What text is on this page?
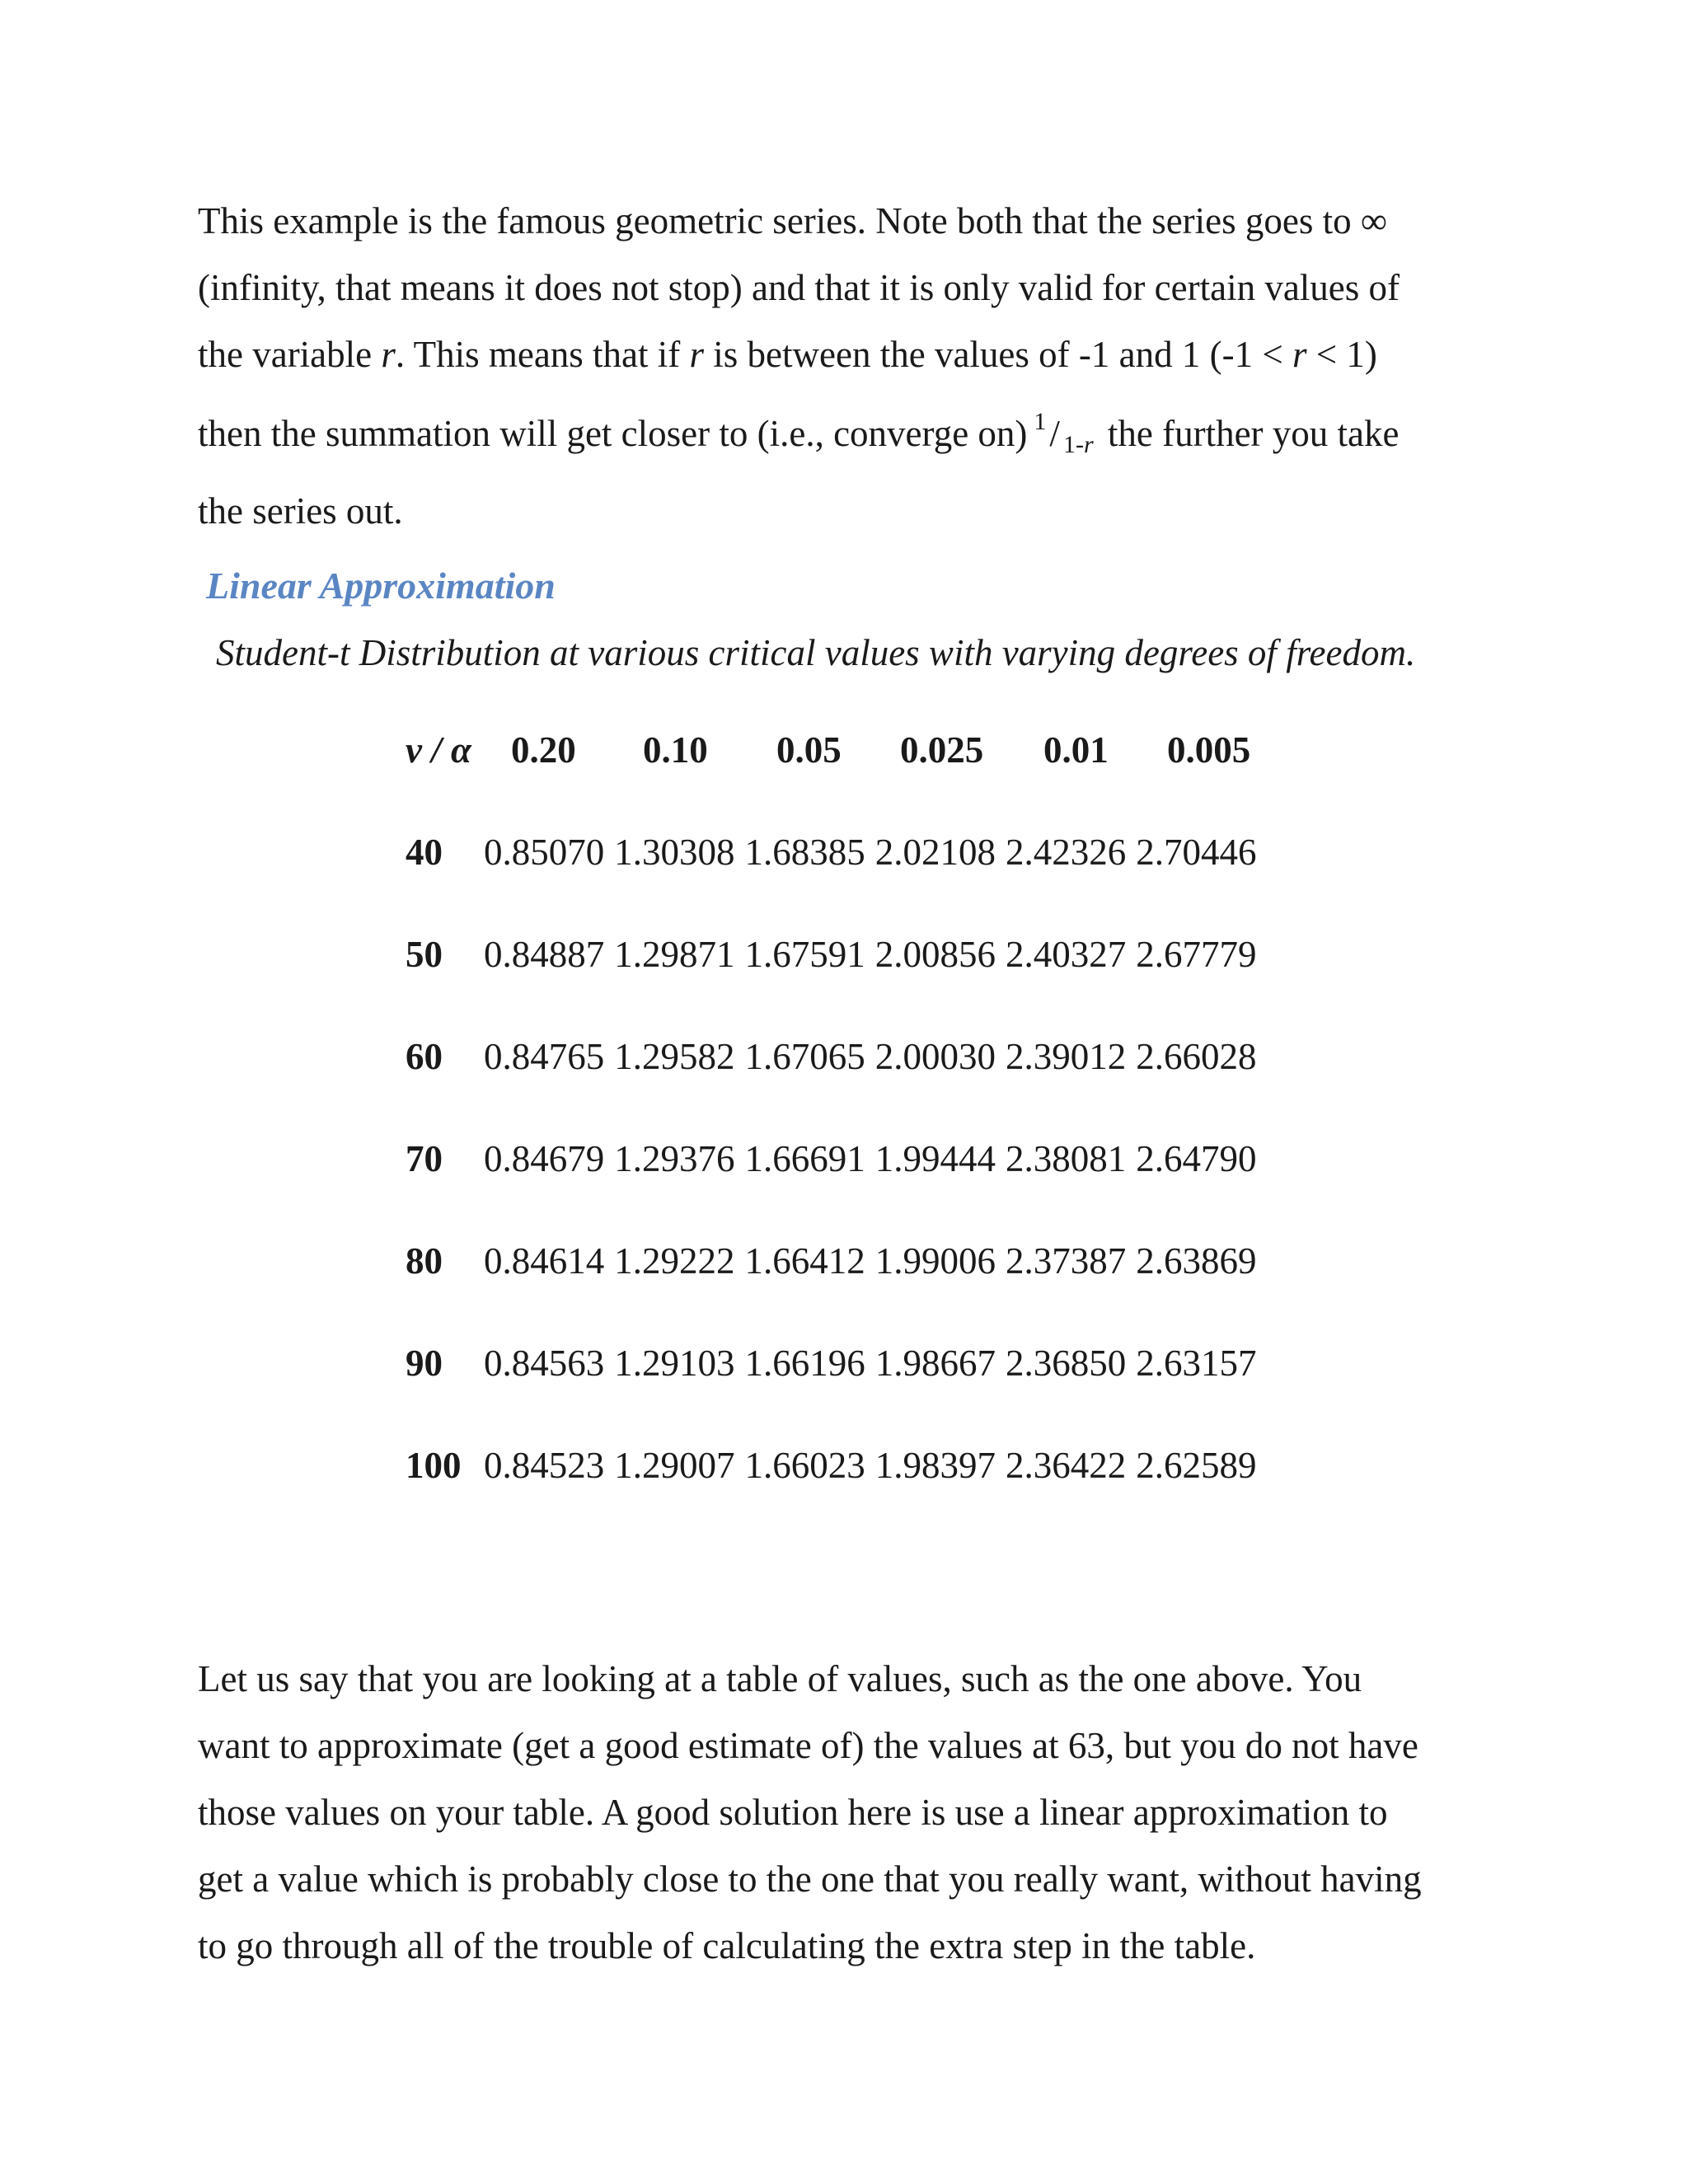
This example is the famous geometric series. Note both that the series goes to ∞
(infinity, that means it does not stop) and that it is only valid for certain values of
the variable r. This means that if r is between the values of -1 and 1 (-1 < r < 1)
then the summation will get closer to (i.e., converge on) $^1$/ 1-r the further you take
the series out.
Linear Approximation

Student-t Distribution at various critical values with varying degrees of freedom.

v / α 0.20 0.10 0.05 0.025 0.01 0.005
40	0.85070 1.30308 1.68385 2.02108 2.42326 2.70446
50	0.84887 1.29871 1.67591 2.00856 2.40327 2.67779
60	0.84765 1.29582 1.67065 2.00030 2.39012 2.66028
70	0.84679 1.29376 1.66691 1.99444 2.38081 2.64790
80	0.84614 1.29222 1.66412 1.99006 2.37387 2.63869
90	0.84563 1.29103 1.66196 1.98667 2.36850 2.63157
100 0.84523 1.29007 1.66023 1.98397 2.36422 2.62589
Let us say that you are looking at a table of values, such as the one above. You
want to approximate (get a good estimate of) the values at 63, but you do not have
those values on your table. A good solution here is use a linear approximation to
get a value which is probably close to the one that you really want, without having
to go through all of the trouble of calculating the extra step in the table.
